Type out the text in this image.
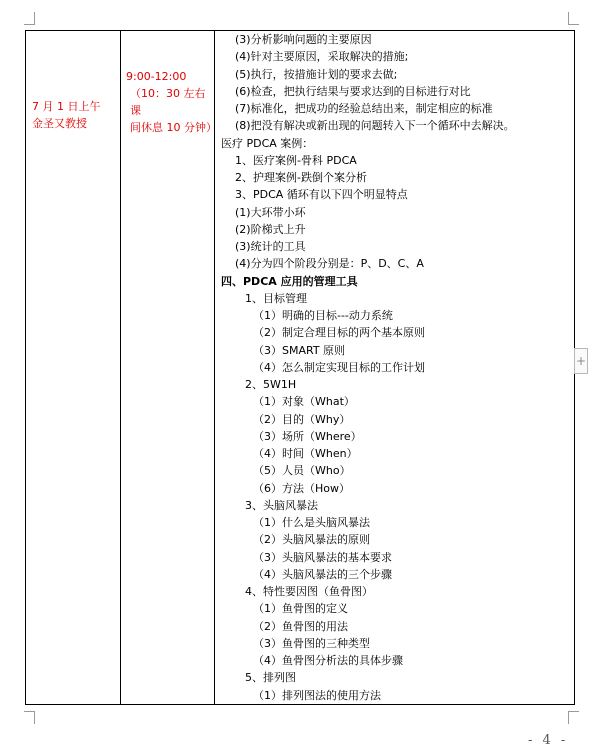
7 月 1 日上午
金圣又教授

9:00-12:00
（10：30 左右课
间休息 10 分钟）

(3)分析影响问题的主要原因
(4)针对主要原因，采取解决的措施;
(5)执行，按措施计划的要求去做;
(6)检查，把执行结果与要求达到的目标进行对比
(7)标准化，把成功的经验总结出来，制定相应的标准
(8)把没有解决或新出现的问题转入下一个循环中去解决。
医疗 PDCA 案例：
1、医疗案例-骨科 PDCA
2、护理案例-跌倒个案分析
3、PDCA 循环有以下四个明显特点
(1)大环带小环
(2)阶梯式上升
(3)统计的工具
(4)分为四个阶段分别是：P、D、C、A
四、PDCA 应用的管理工具
1、目标管理
（1）明确的目标---动力系统
（2）制定合理目标的两个基本原则
（3）SMART 原则
（4）怎么制定实现目标的工作计划
2、5W1H
（1）对象（What）
（2）目的（Why）
（3）场所（Where）
（4）时间（When）
（5）人员（Who）
（6）方法（How）
3、头脑风暴法
（1）什么是头脑风暴法
（2）头脑风暴法的原则
（3）头脑风暴法的基本要求
（4）头脑风暴法的三个步骤
4、特性要因图（鱼骨图）
（1）鱼骨图的定义
（2）鱼骨图的用法
（3）鱼骨图的三种类型
（4）鱼骨图分析法的具体步骤
5、排列图
（1）排列图法的使用方法
+
- 4 -
